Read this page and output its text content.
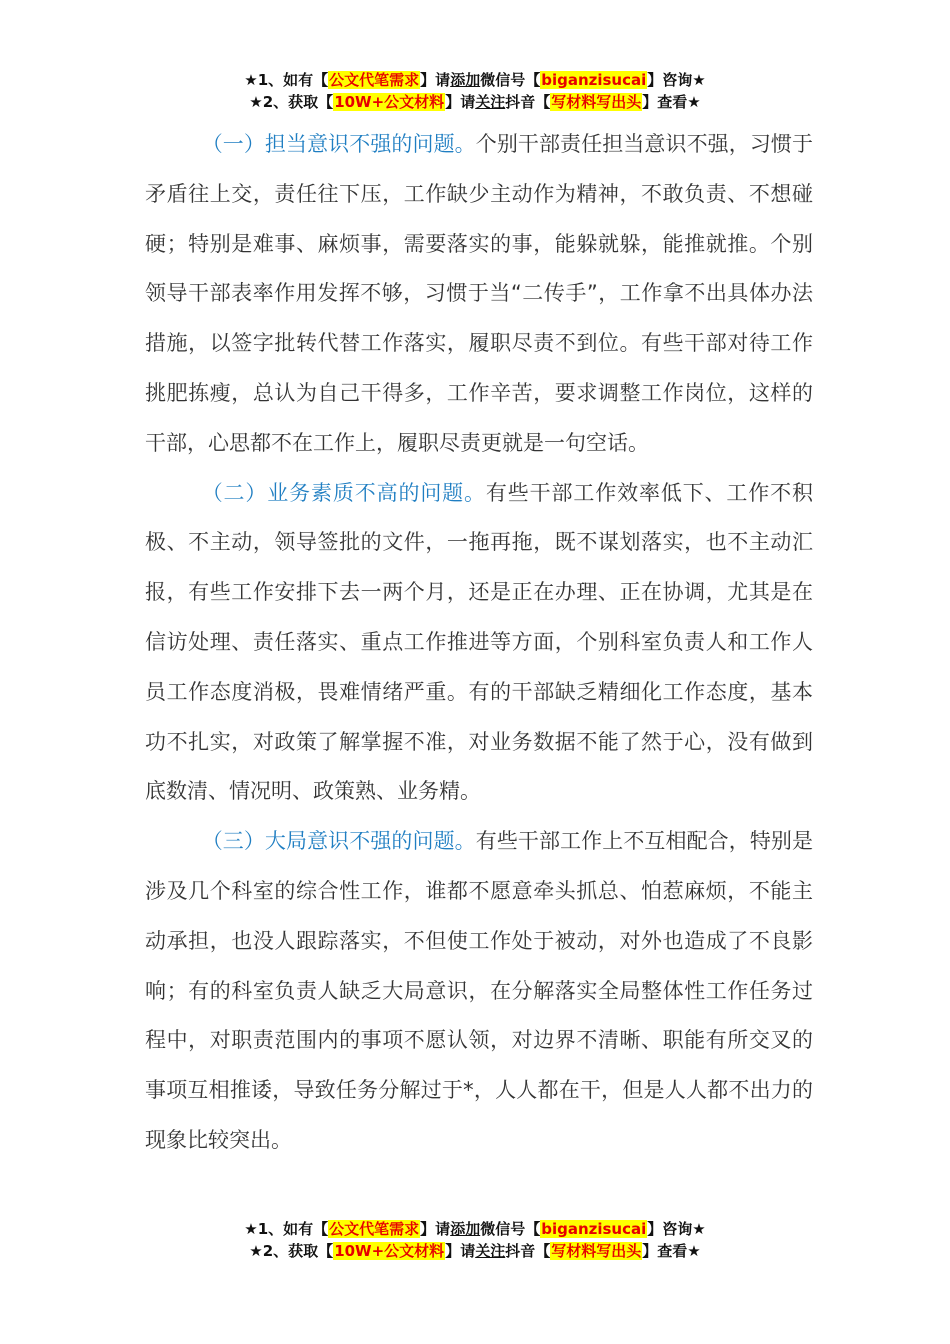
★1、如有【公文代笔需求】请添加微信号【biganzisucai】咨询★
★2、获取【10W+公文材料】请关注抖音【写材料写出头】查看★

（一）担当意识不强的问题。个别干部责任担当意识不强，习惯于矛盾往上交，责任往下压，工作缺少主动作为精神，不敢负责、不想碰硬；特别是难事、麻烦事，需要落实的事，能躲就躲，能推就推。个别领导干部表率作用发挥不够，习惯于当“二传手”，工作拿不出具体办法措施，以签字批转代替工作落实，履职尽责不到位。有些干部对待工作挑肥拣瘦，总认为自己干得多，工作辛苦，要求调整工作岗位，这样的干部，心思都不在工作上，履职尽责更就是一句空话。

（二）业务素质不高的问题。有些干部工作效率低下、工作不积极、不主动，领导签批的文件，一拖再拖，既不谋划落实，也不主动汇报，有些工作安排下去一两个月，还是正在办理、正在协调，尤其是在信访处理、责任落实、重点工作推进等方面，个别科室负责人和工作人员工作态度消极，畏难情绪严重。有的干部缺乏精细化工作态度，基本功不扎实，对政策了解掌握不准，对业务数据不能了然于心，没有做到底数清、情况明、政策熟、业务精。

（三）大局意识不强的问题。有些干部工作上不互相配合，特别是涉及几个科室的综合性工作，谁都不愿意牵头抓总、怕惹麻烦，不能主动承担，也没人跟踪落实，不但使工作处于被动，对外也造成了不良影响；有的科室负责人缺乏大局意识，在分解落实全局整体性工作任务过程中，对职责范围内的事项不愿认领，对边界不清晰、职能有所交叉的事项互相推诿，导致任务分解过于*，人人都在干，但是人人都不出力的现象比较突出。

★1、如有【公文代笔需求】请添加微信号【biganzisucai】咨询★
★2、获取【10W+公文材料】请关注抖音【写材料写出头】查看★
